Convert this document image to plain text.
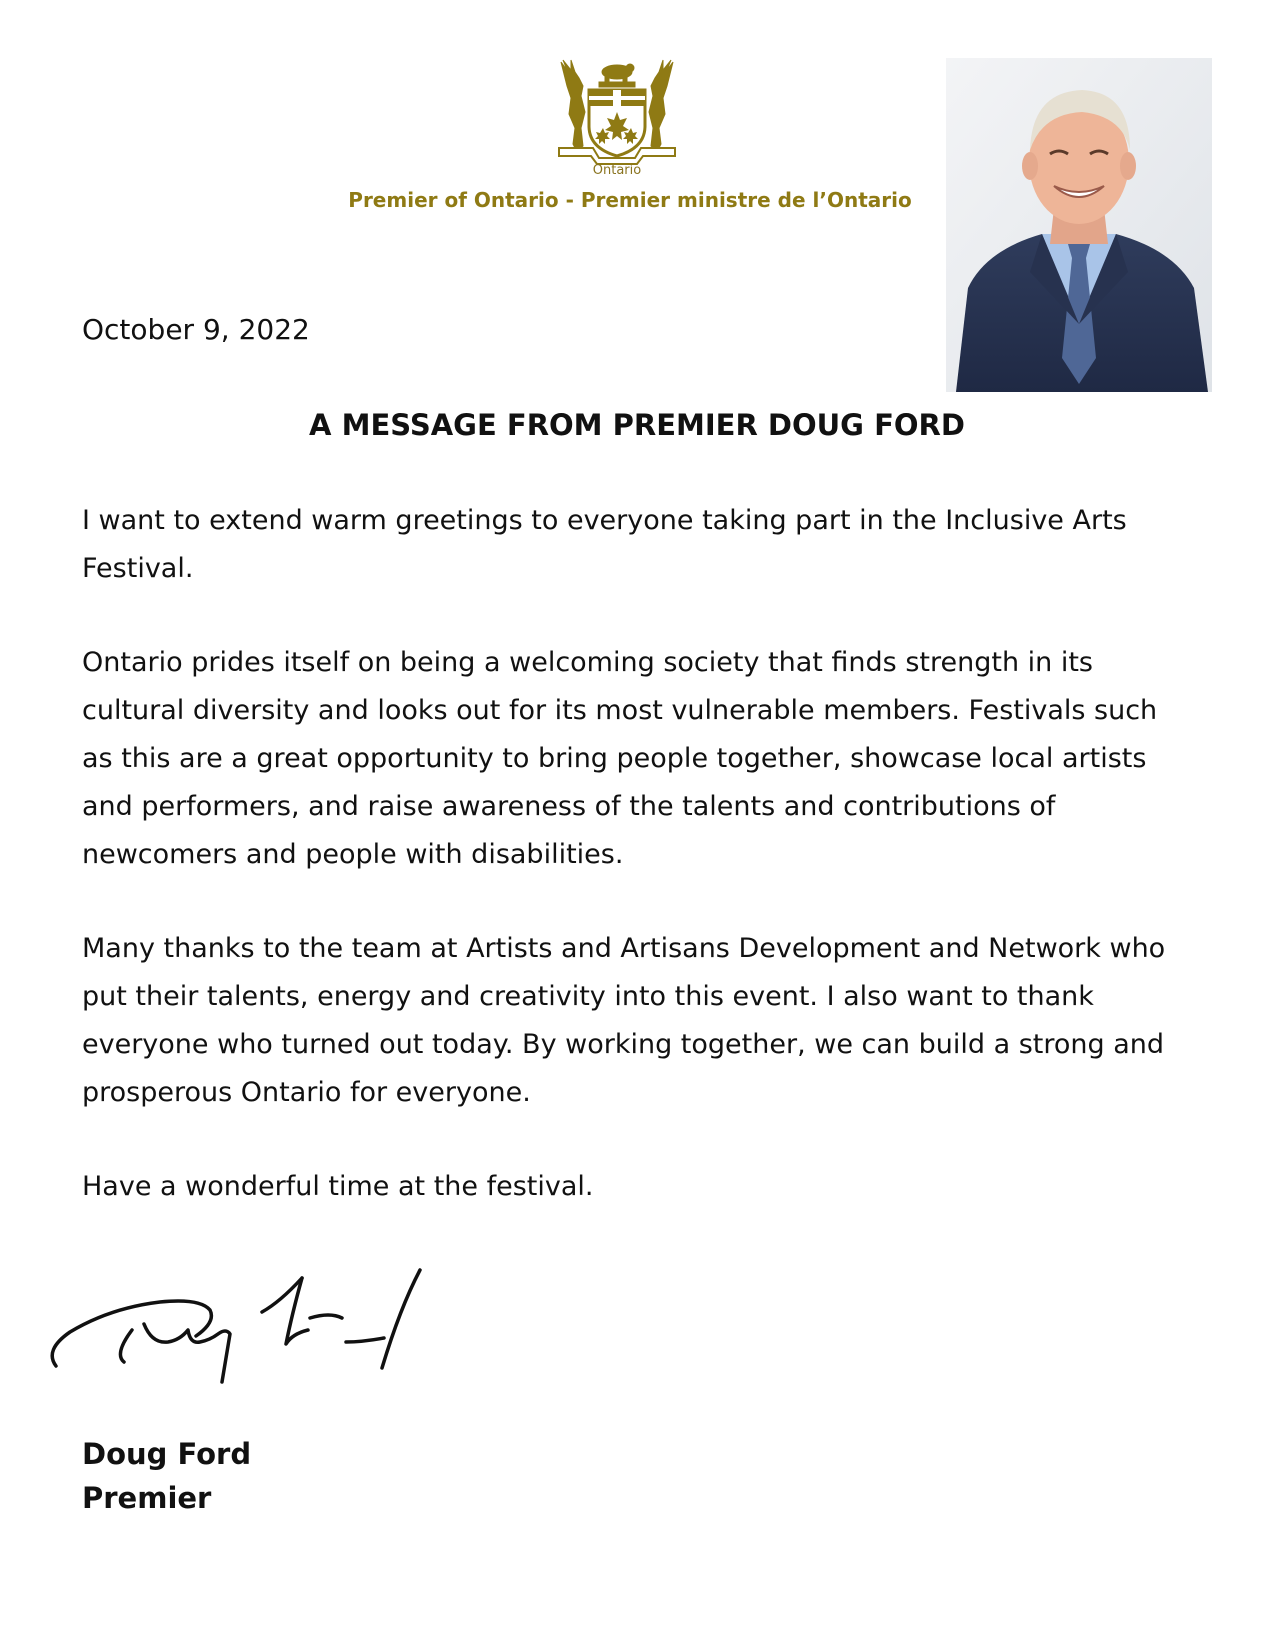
Ontario
Premier of Ontario - Premier ministre de l’Ontario
October 9, 2022
A MESSAGE FROM PREMIER DOUG FORD

I want to extend warm greetings to everyone taking part in the Inclusive Arts Festival.

Ontario prides itself on being a welcoming society that finds strength in its cultural diversity and looks out for its most vulnerable members. Festivals such as this are a great opportunity to bring people together, showcase local artists and performers, and raise awareness of the talents and contributions of newcomers and people with disabilities.

Many thanks to the team at Artists and Artisans Development and Network who put their talents, energy and creativity into this event. I also want to thank everyone who turned out today. By working together, we can build a strong and prosperous Ontario for everyone.

Have a wonderful time at the festival.

Doug Ford
Premier
